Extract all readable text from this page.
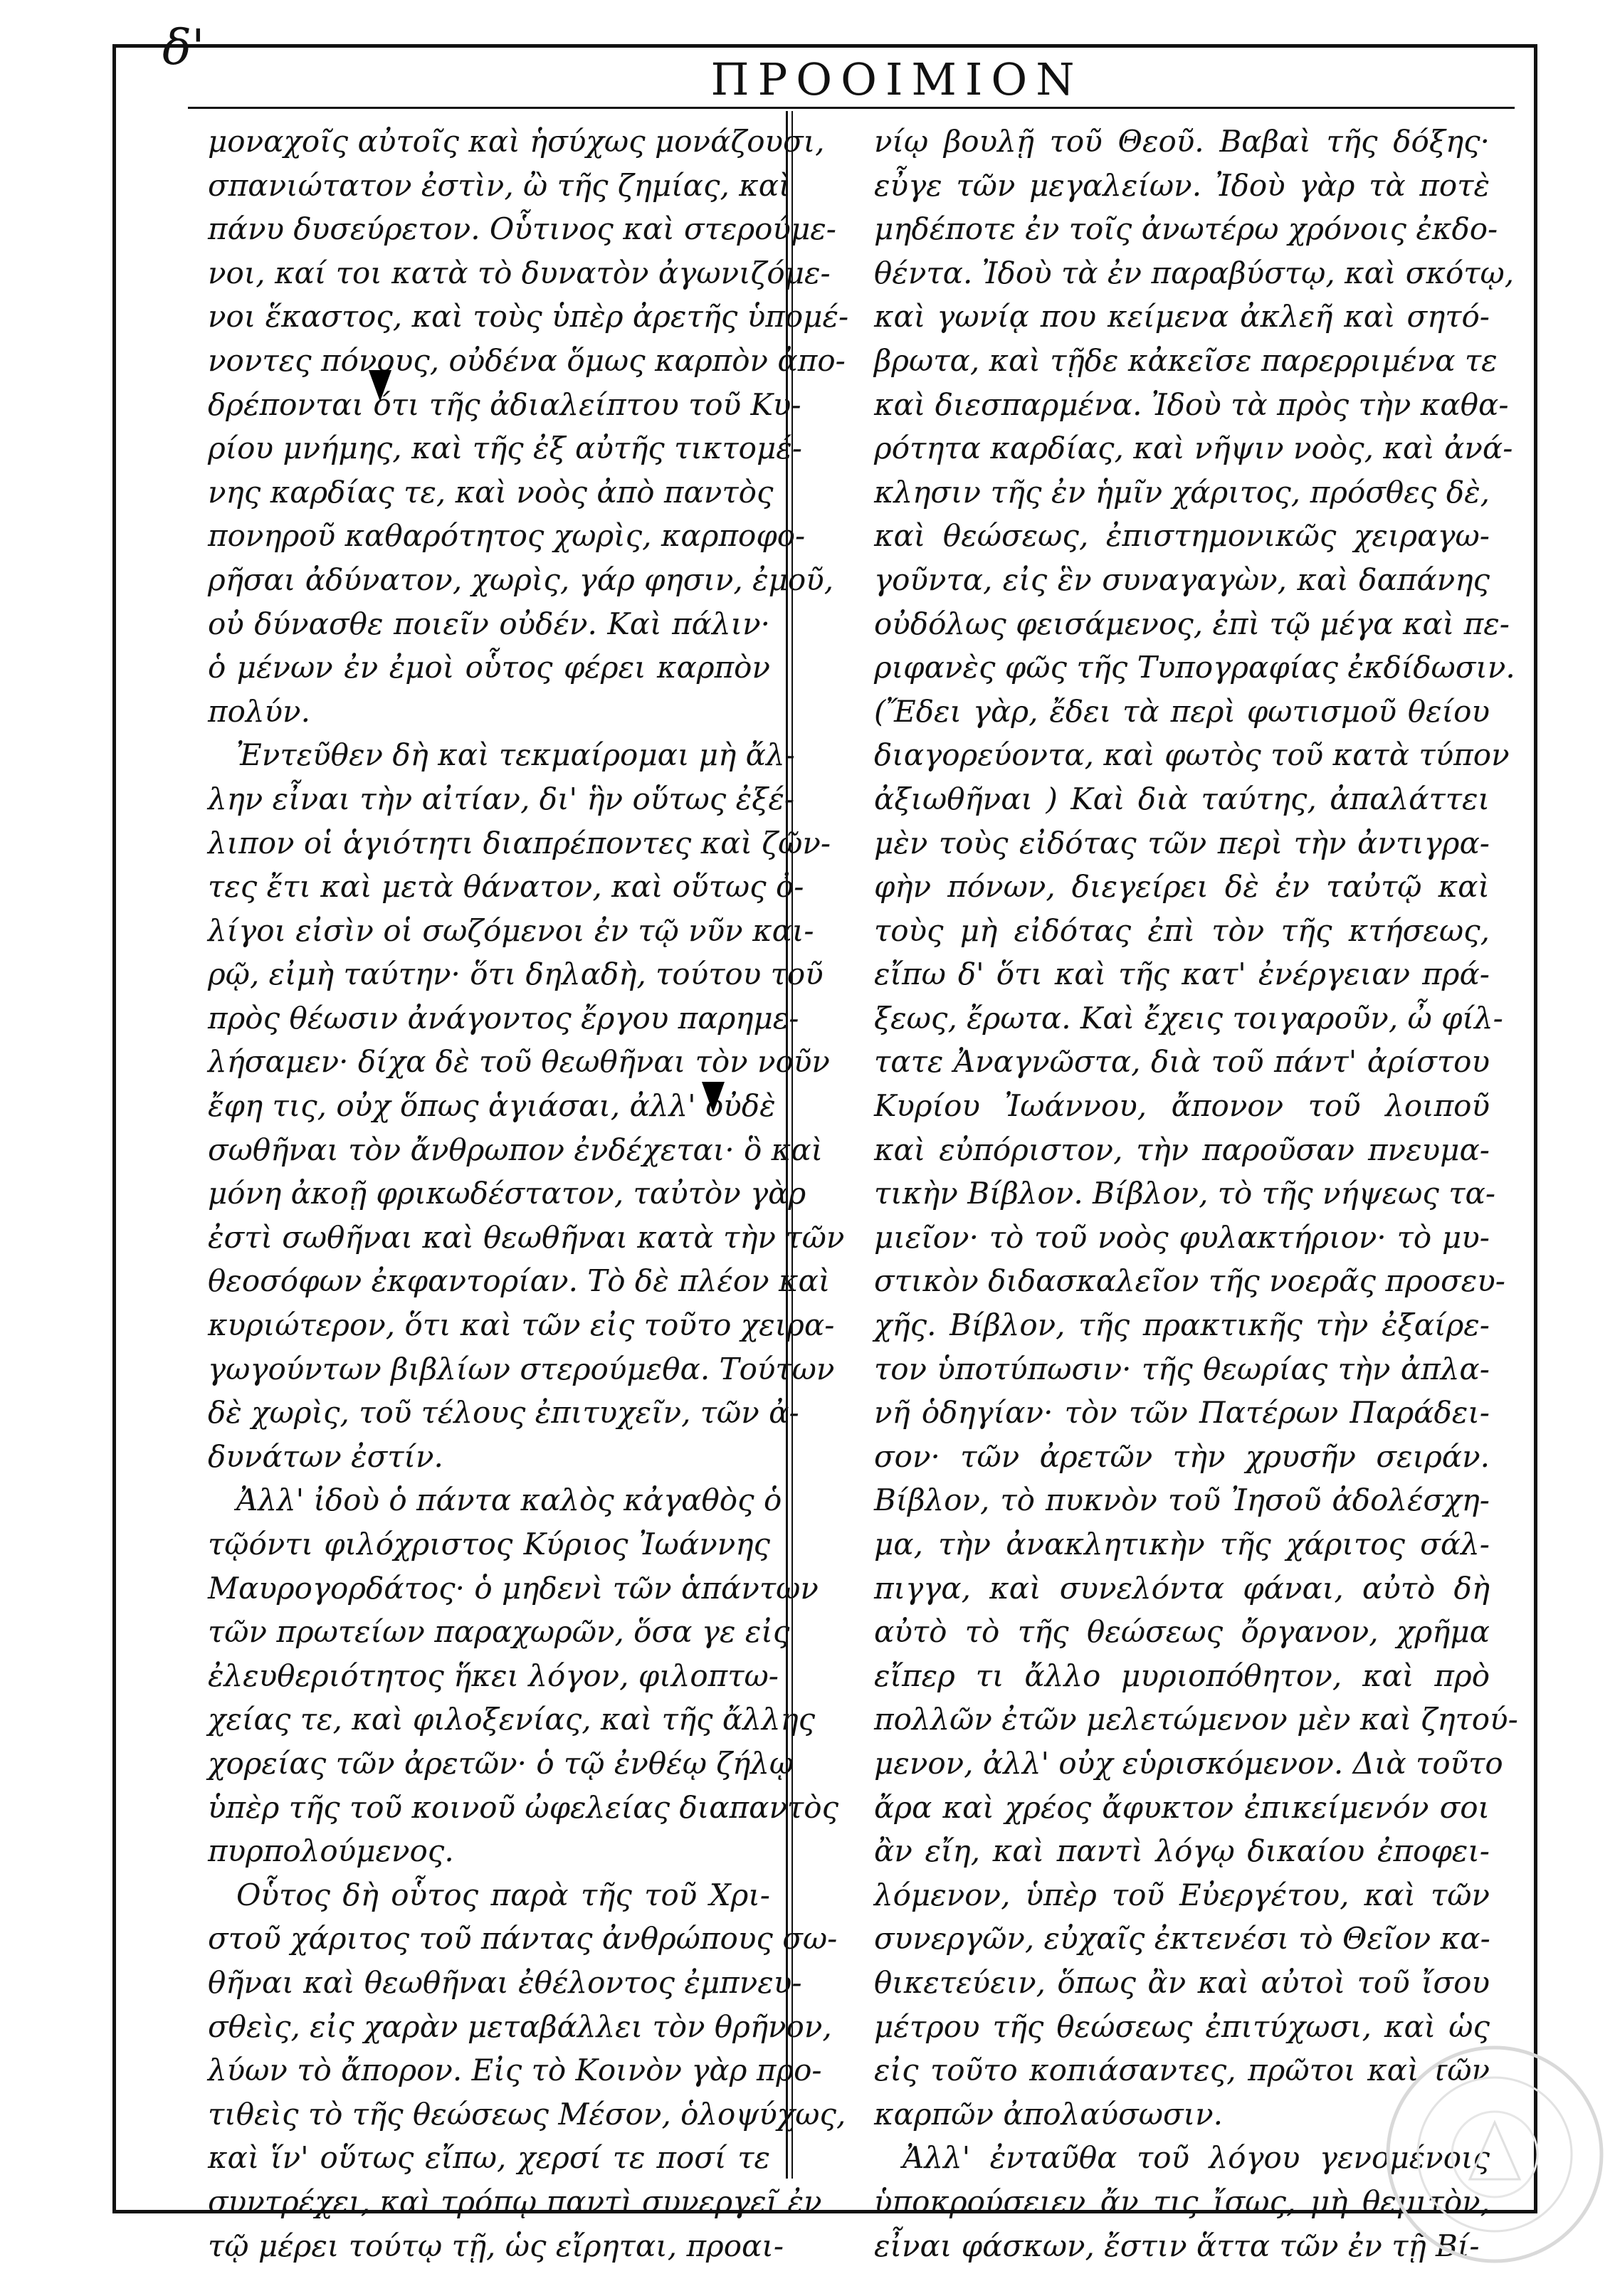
δ'
ΠΡΟΟΙΜΙΟΝ
μοναχοῖς αὐτοῖς καὶ ἡσύχως μονάζουσι,
σπανιώτατον ἐστὶν, ὢ τῆς ζημίας, καὶ
πάνυ δυσεύρετον. Οὗτινος καὶ στερούμε-
νοι, καί τοι κατὰ τὸ δυνατὸν ἀγωνιζόμε-
νοι ἕκαστος, καὶ τοὺς ὑπὲρ ἀρετῆς ὑπομέ-
νοντες πόνους, οὐδένα ὅμως καρπὸν ἀπο-
δρέπονται ὅτι τῆς ἀδιαλείπτου τοῦ Κυ-
ρίου μνήμης, καὶ τῆς ἐξ αὐτῆς τικτομέ-
νης καρδίας τε, καὶ νοὸς ἀπὸ παντὸς
πονηροῦ καθαρότητος χωρὶς, καρποφο-
ρῆσαι ἀδύνατον, χωρὶς, γάρ φησιν, ἐμοῦ,
οὐ δύνασθε ποιεῖν οὐδέν. Καὶ πάλιν·
ὁ μένων ἐν ἐμοὶ οὗτος φέρει καρπὸν
πολύν.
Ἐντεῦθεν δὴ καὶ τεκμαίρομαι μὴ ἄλ-
λην εἶναι τὴν αἰτίαν, δι' ἣν οὕτως ἐξέ-
λιπον οἱ ἁγιότητι διαπρέποντες καὶ ζῶν-
τες ἔτι καὶ μετὰ θάνατον, καὶ οὕτως ὀ-
λίγοι εἰσὶν οἱ σωζόμενοι ἐν τῷ νῦν και-
ρῷ, εἰμὴ ταύτην· ὅτι δηλαδὴ, τούτου τοῦ
πρὸς θέωσιν ἀνάγοντος ἔργου παρημε-
λήσαμεν· δίχα δὲ τοῦ θεωθῆναι τὸν νοῦν
ἔφη τις, οὐχ ὅπως ἁγιάσαι, ἀλλ' οὐδὲ
σωθῆναι τὸν ἄνθρωπον ἐνδέχεται· ὃ καὶ
μόνη ἀκοῇ φρικωδέστατον, ταὐτὸν γὰρ
ἐστὶ σωθῆναι καὶ θεωθῆναι κατὰ τὴν τῶν
θεοσόφων ἐκφαντορίαν. Τὸ δὲ πλέον καὶ
κυριώτερον, ὅτι καὶ τῶν εἰς τοῦτο χειρα-
γωγούντων βιβλίων στερούμεθα. Τούτων
δὲ χωρὶς, τοῦ τέλους ἐπιτυχεῖν, τῶν ἀ-
δυνάτων ἐστίν.
Ἀλλ' ἰδοὺ ὁ πάντα καλὸς κἀγαθὸς ὁ
τῷόντι φιλόχριστος Κύριος Ἰωάννης
Μαυρογορδάτος· ὁ μηδενὶ τῶν ἁπάντων
τῶν πρωτείων παραχωρῶν, ὅσα γε εἰς
ἐλευθεριότητος ἥκει λόγον, φιλοπτω-
χείας τε, καὶ φιλοξενίας, καὶ τῆς ἄλλης
χορείας τῶν ἀρετῶν· ὁ τῷ ἐνθέῳ ζήλῳ
ὑπὲρ τῆς τοῦ κοινοῦ ὠφελείας διαπαντὸς
πυρπολούμενος.
Οὗτος δὴ οὗτος παρὰ τῆς τοῦ Χρι-
στοῦ χάριτος τοῦ πάντας ἀνθρώπους σω-
θῆναι καὶ θεωθῆναι ἐθέλοντος ἐμπνευ-
σθεὶς, εἰς χαρὰν μεταβάλλει τὸν θρῆνον,
λύων τὸ ἄπορον. Εἰς τὸ Κοινὸν γὰρ προ-
τιθεὶς τὸ τῆς θεώσεως Μέσον, ὁλοψύχως,
καὶ ἵν' οὕτως εἴπω, χερσί τε ποσί τε
συντρέχει, καὶ τρόπῳ παντὶ συνεργεῖ ἐν
τῷ μέρει τούτῳ τῇ, ὡς εἴρηται, προαι-
νίῳ βουλῇ τοῦ Θεοῦ. Βαβαὶ τῆς δόξης·
εὖγε τῶν μεγαλείων. Ἰδοὺ γὰρ τὰ ποτὲ
μηδέποτε ἐν τοῖς ἀνωτέρω χρόνοις ἐκδο-
θέντα. Ἰδοὺ τὰ ἐν παραβύστῳ, καὶ σκότῳ,
καὶ γωνίᾳ που κείμενα ἀκλεῆ καὶ σητό-
βρωτα, καὶ τῇδε κἀκεῖσε παρερριμένα τε
καὶ διεσπαρμένα. Ἰδοὺ τὰ πρὸς τὴν καθα-
ρότητα καρδίας, καὶ νῆψιν νοὸς, καὶ ἀνά-
κλησιν τῆς ἐν ἡμῖν χάριτος, πρόσθες δὲ,
καὶ θεώσεως, ἐπιστημονικῶς χειραγω-
γοῦντα, εἰς ἓν συναγαγὼν, καὶ δαπάνης
οὐδόλως φεισάμενος, ἐπὶ τῷ μέγα καὶ πε-
ριφανὲς φῶς τῆς Τυπογραφίας ἐκδίδωσιν.
(Ἔδει γὰρ, ἔδει τὰ περὶ φωτισμοῦ θείου
διαγορεύοντα, καὶ φωτὸς τοῦ κατὰ τύπον
ἀξιωθῆναι ) Καὶ διὰ ταύτης, ἀπαλάττει
μὲν τοὺς εἰδότας τῶν περὶ τὴν ἀντιγρα-
φὴν πόνων, διεγείρει δὲ ἐν ταὐτῷ καὶ
τοὺς μὴ εἰδότας ἐπὶ τὸν τῆς κτήσεως,
εἴπω δ' ὅτι καὶ τῆς κατ' ἐνέργειαν πρά-
ξεως, ἔρωτα. Καὶ ἔχεις τοιγαροῦν, ὦ φίλ-
τατε Ἀναγνῶστα, διὰ τοῦ πάντ' ἀρίστου
Κυρίου Ἰωάννου, ἄπονον τοῦ λοιποῦ
καὶ εὐπόριστον, τὴν παροῦσαν πνευμα-
τικὴν Βίβλον. Βίβλον, τὸ τῆς νήψεως τα-
μιεῖον· τὸ τοῦ νοὸς φυλακτήριον· τὸ μυ-
στικὸν διδασκαλεῖον τῆς νοερᾶς προσευ-
χῆς. Βίβλον, τῆς πρακτικῆς τὴν ἐξαίρε-
τον ὑποτύπωσιν· τῆς θεωρίας τὴν ἀπλα-
νῆ ὁδηγίαν· τὸν τῶν Πατέρων Παράδει-
σον· τῶν ἀρετῶν τὴν χρυσῆν σειράν.
Βίβλον, τὸ πυκνὸν τοῦ Ἰησοῦ ἀδολέσχη-
μα, τὴν ἀνακλητικὴν τῆς χάριτος σάλ-
πιγγα, καὶ συνελόντα φάναι, αὐτὸ δὴ
αὐτὸ τὸ τῆς θεώσεως ὄργανον, χρῆμα
εἴπερ τι ἄλλο μυριοπόθητον, καὶ πρὸ
πολλῶν ἐτῶν μελετώμενον μὲν καὶ ζητού-
μενον, ἀλλ' οὐχ εὑρισκόμενον. Διὰ τοῦτο
ἄρα καὶ χρέος ἄφυκτον ἐπικείμενόν σοι
ἂν εἴη, καὶ παντὶ λόγῳ δικαίου ἐποφει-
λόμενον, ὑπὲρ τοῦ Εὐεργέτου, καὶ τῶν
συνεργῶν, εὐχαῖς ἐκτενέσι τὸ Θεῖον κα-
θικετεύειν, ὅπως ἂν καὶ αὐτοὶ τοῦ ἴσου
μέτρου τῆς θεώσεως ἐπιτύχωσι, καὶ ὡς
εἰς τοῦτο κοπιάσαντες, πρῶτοι καὶ τῶν
καρπῶν ἀπολαύσωσιν.
Ἀλλ' ἐνταῦθα τοῦ λόγου γενομένοις
ὑποκρούσειεν ἄν τις ἴσως, μὴ θεμιτὸν,
εἶναι φάσκων, ἔστιν ἅττα τῶν ἐν τῇ Βί-
